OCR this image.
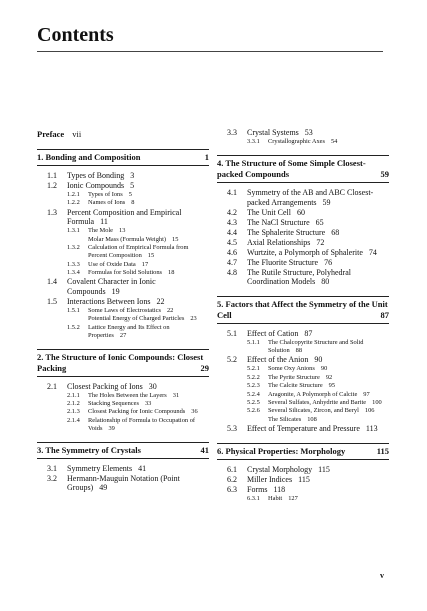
Contents
Preface vii
1. Bonding and Composition	1
1.1	Types of Bonding 3
1.2	Ionic Compounds 5
1.2.1	Types of Ions 5
1.2.2	Names of Ions 8
1.3	Percent Composition and Empirical Formula 11
1.3.1	The Mole 13
Molar Mass (Formula Weight) 15
1.3.2	Calculation of Empirical Formula from Percent Composition 15
1.3.3	Use of Oxide Data 17
1.3.4	Formulas for Solid Solutions 18
1.4	Covalent Character in Ionic Compounds 19
1.5	Interactions Between Ions 22
1.5.1	Some Laws of Electrostatics 22
Potential Energy of Charged Particles 23
1.5.2	Lattice Energy and Its Effect on Properties 27
2. The Structure of Ionic Compounds: Closest Packing	29
2.1	Closest Packing of Ions 30
2.1.1	The Holes Between the Layers 31
2.1.2	Stacking Sequences 33
2.1.3	Closest Packing for Ionic Compounds 36
2.1.4	Relationship of Formula to Occupation of Voids 39
3. The Symmetry of Crystals	41
3.1	Symmetry Elements 41
3.2	Hermann-Mauguin Notation (Point Groups) 49
3.3	Crystal Systems 53
3.3.1	Crystallographic Axes 54
4. The Structure of Some Simple Closest-packed Compounds	59
4.1	Symmetry of the AB and ABC Closest-packed Arrangements 59
4.2	The Unit Cell 60
4.3	The NaCl Structure 65
4.4	The Sphalerite Structure 68
4.5	Axial Relationships 72
4.6	Wurtzite, a Polymorph of Sphalerite 74
4.7	The Fluorite Structure 76
4.8	The Rutile Structure, Polyhedral Coordination Models 80
5. Factors that Affect the Symmetry of the Unit Cell	87
5.1	Effect of Cation 87
5.1.1	The Chalcopyrite Structure and Solid Solution 88
5.2	Effect of the Anion 90
5.2.1	Some Oxy Anions 90
5.2.2	The Pyrite Structure 92
5.2.3	The Calcite Structure 95
5.2.4	Aragonite, A Polymorph of Calcite 97
5.2.5	Several Sulfates, Anhydrite and Barite 100
5.2.6	Several Silicates, Zircon, and Beryl 106
The Silicates 108
5.3	Effect of Temperature and Pressure 113
6. Physical Properties: Morphology	115
6.1	Crystal Morphology 115
6.2	Miller Indices 115
6.3	Forms 118
6.3.1	Habit 127
v
